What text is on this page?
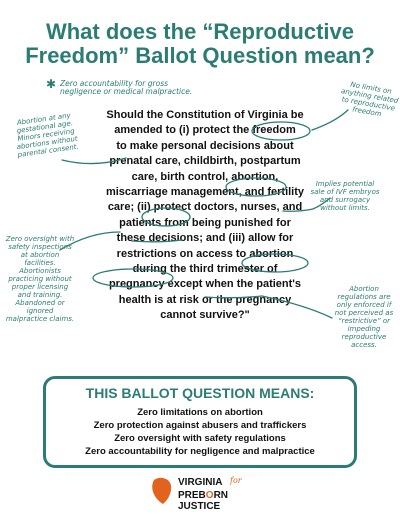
What does the “Reproductive
Freedom” Ballot Question mean?
✱ Zero accountability for gross negligence or medical malpractice.	No limits on anything related to reproductive freedom
Abortion at any gestational age. Minors receiving abortions without parental consent.
Implies potential sale of IVF embryos and surrogacy without limits.
Zero oversight with safety inspections at abortion facilities. Abortionists practicing without proper licensing and training. Abandoned or ignored malpractice claims.
Abortion regulations are only enforced if not perceived as “restrictive” or impeding reproductive access.
Should the Constitution of Virginia be
amended to (i) protect the freedom
to make personal decisions about
prenatal care, childbirth, postpartum
care, birth control, abortion,
miscarriage management, and fertility
care; (ii) protect doctors, nurses, and
patients from being punished for
these decisions; and (iii) allow for
restrictions on access to abortion
during the third trimester of
pregnancy except when the patient's
health is at risk or the pregnancy
cannot survive?"
THIS BALLOT QUESTION MEANS:
Zero limitations on abortion
Zero protection against abusers and traffickers
Zero oversight with safety regulations
Zero accountability for negligence and malpractice
VIRGINIA for
PREBORN JUSTICE
